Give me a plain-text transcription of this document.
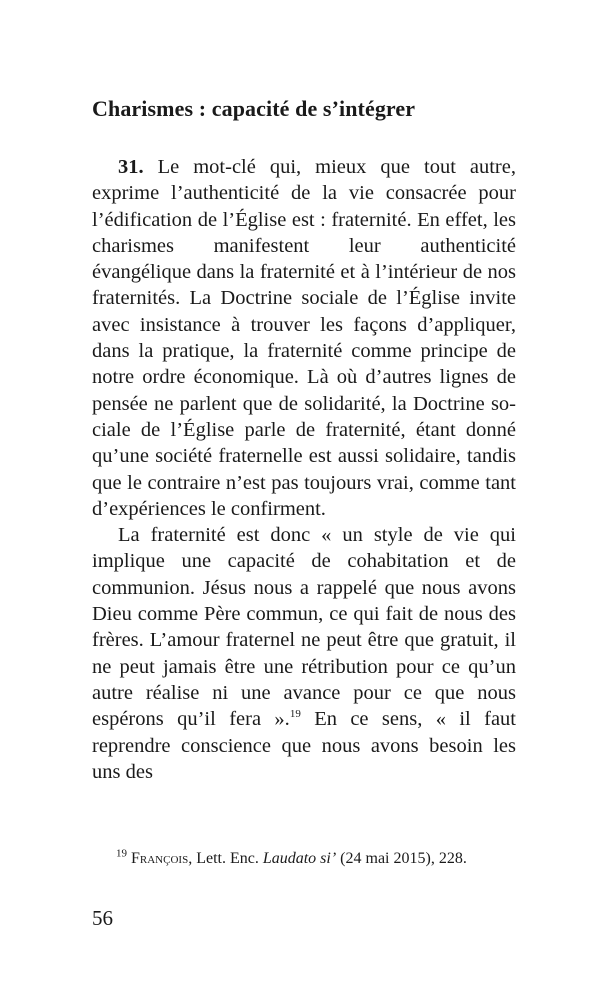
Charismes : capacité de s’intégrer

31. Le mot-clé qui, mieux que tout autre, exprime l’authenticité de la vie consacrée pour l’édification de l’Église est : fraternité. En effet, les charismes manifestent leur authenticité évangélique dans la fraternité et à l’intérieur de nos fraternités. La Doctrine sociale de l’Église invite avec insistance à trouver les façons d’appliquer, dans la pratique, la fraternité comme principe de notre ordre économique. Là où d’autres lignes de pensée ne parlent que de solidarité, la Doctrine sociale de l’Église parle de fraternité, étant donné qu’une société fraternelle est aussi solidaire, tandis que le contraire n’est pas toujours vrai, comme tant d’expériences le confirment.

La fraternité est donc « un style de vie qui implique une capacité de cohabitation et de communion. Jésus nous a rappelé que nous avons Dieu comme Père commun, ce qui fait de nous des frères. L’amour fraternel ne peut être que gratuit, il ne peut jamais être une rétribution pour ce qu’un autre réalise ni une avance pour ce que nous espérons qu’il fera ».$^{19}$ En ce sens, « il faut reprendre conscience que nous avons besoin les uns des

$^{19}$ François, Lett. Enc. Laudato si’ (24 mai 2015), 228.
56
